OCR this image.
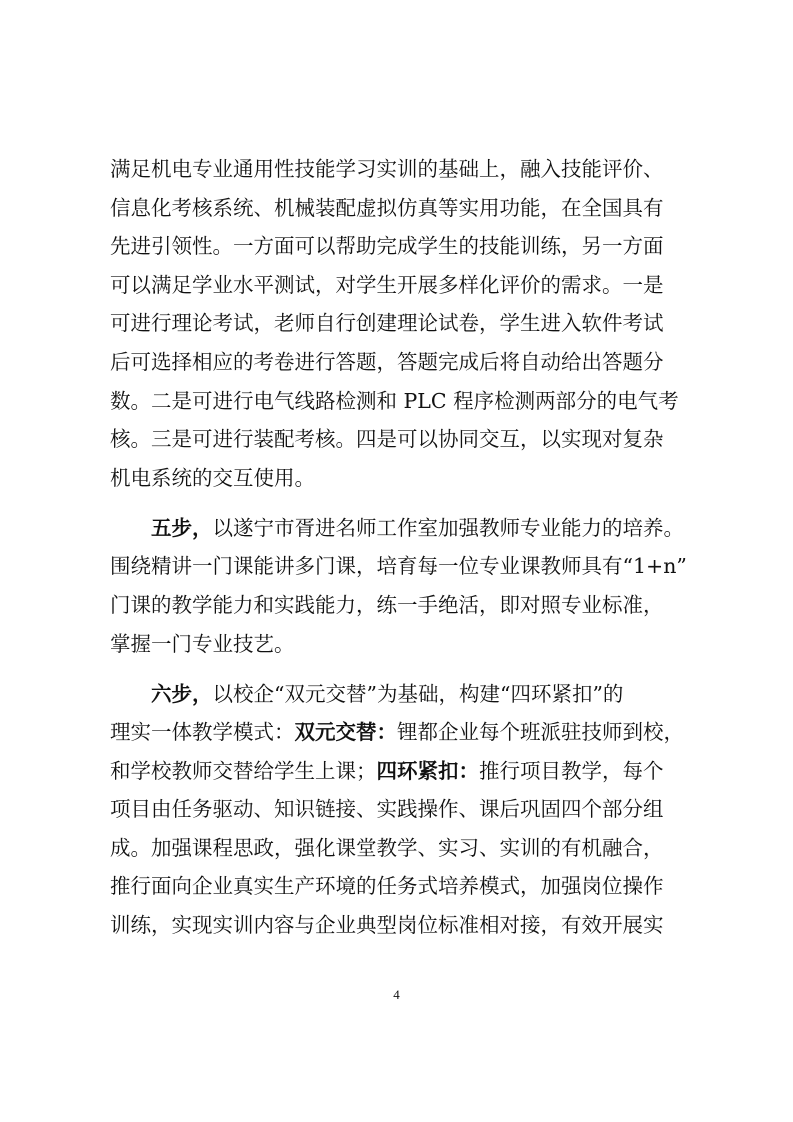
满足机电专业通用性技能学习实训的基础上，融入技能评价、
信息化考核系统、机械装配虚拟仿真等实用功能，在全国具有
先进引领性。一方面可以帮助完成学生的技能训练，另一方面
可以满足学业水平测试，对学生开展多样化评价的需求。一是
可进行理论考试，老师自行创建理论试卷，学生进入软件考试
后可选择相应的考卷进行答题，答题完成后将自动给出答题分
数。二是可进行电气线路检测和 PLC 程序检测两部分的电气考
核。三是可进行装配考核。四是可以协同交互，以实现对复杂
机电系统的交互使用。
五步，以遂宁市胥进名师工作室加强教师专业能力的培养。
围绕精讲一门课能讲多门课，培育每一位专业课教师具有“1+n”
门课的教学能力和实践能力，练一手绝活，即对照专业标准，
掌握一门专业技艺。
六步，以校企“双元交替”为基础，构建“四环紧扣”的
理实一体教学模式：双元交替：锂都企业每个班派驻技师到校，
和学校教师交替给学生上课；四环紧扣：推行项目教学，每个
项目由任务驱动、知识链接、实践操作、课后巩固四个部分组
成。加强课程思政，强化课堂教学、实习、实训的有机融合，
推行面向企业真实生产环境的任务式培养模式，加强岗位操作
训练，实现实训内容与企业典型岗位标准相对接，有效开展实
4
